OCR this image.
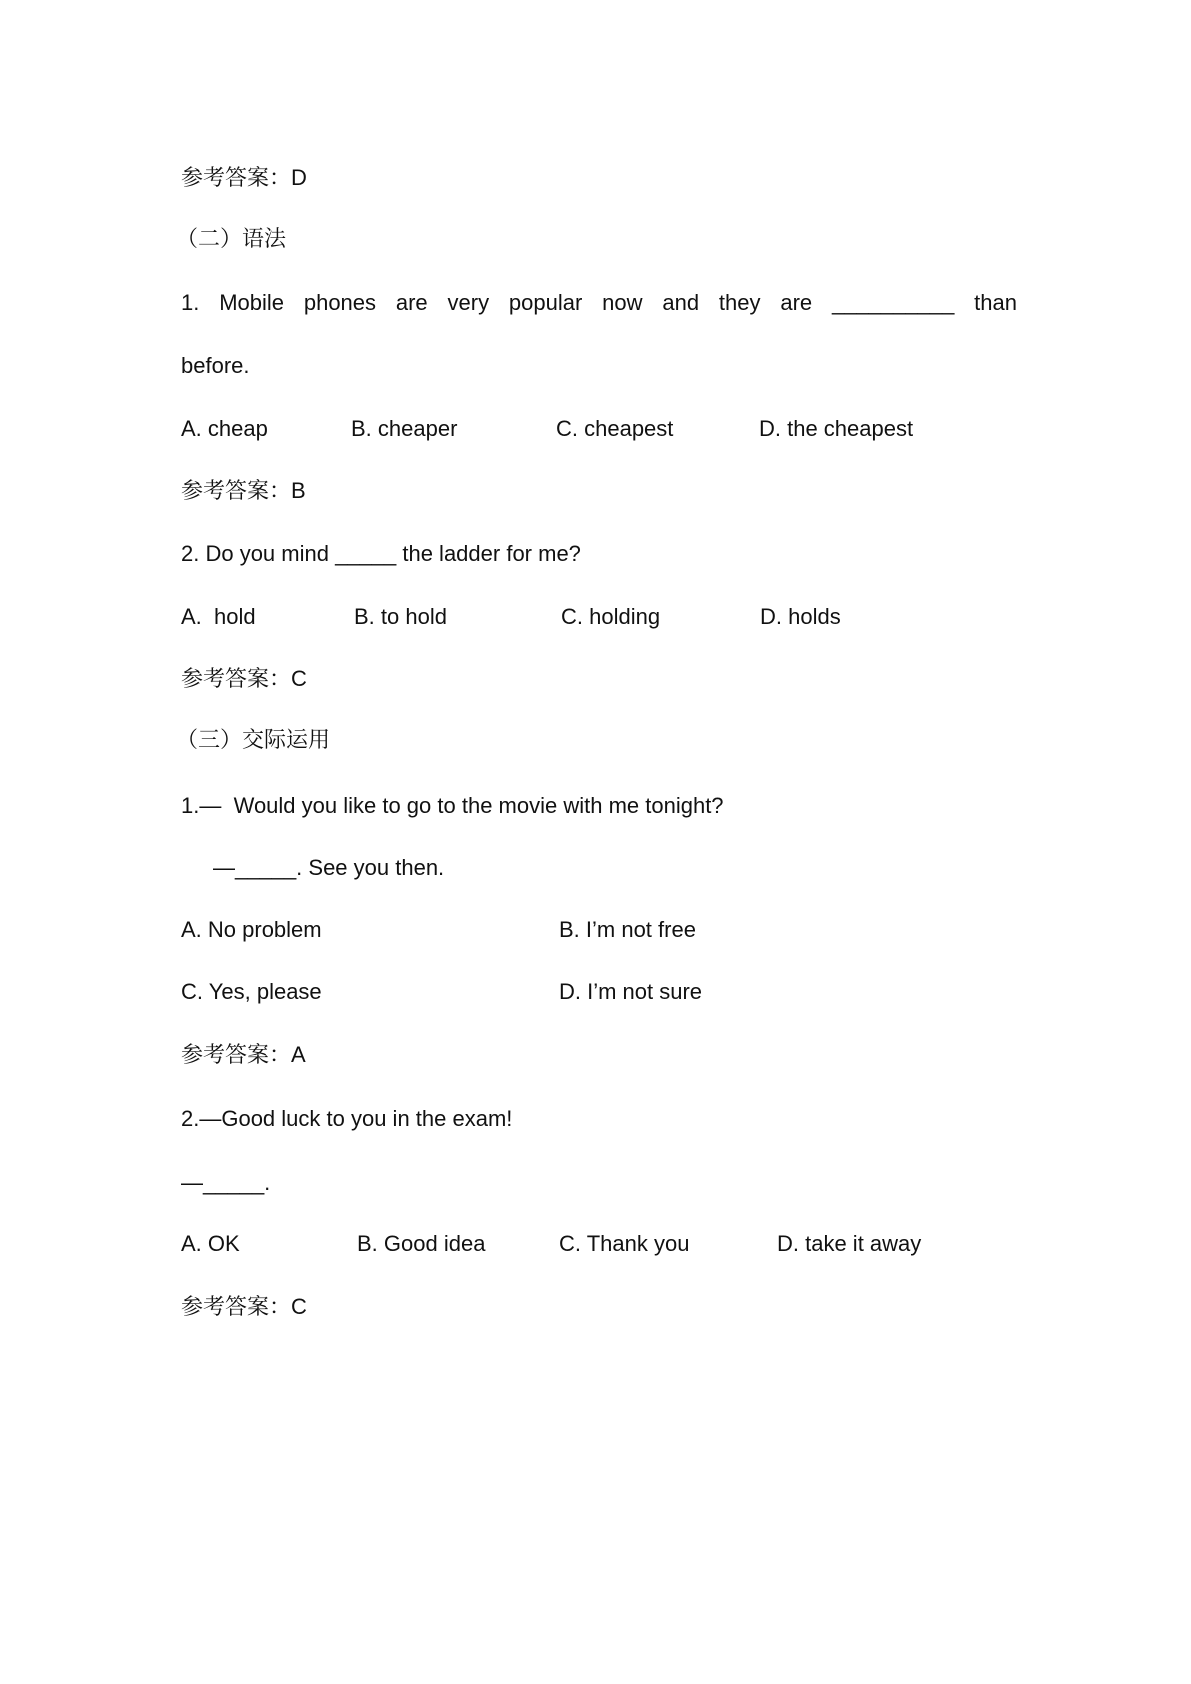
参考答案：D
（二）语法
1. Mobile phones are very popular now and they are __________ than
before.
A. cheap	B. cheaper	C. cheapest	D. the cheapest
参考答案：B
2. Do you mind _____ the ladder for me?
A.  hold	B. to hold	C. holding	D. holds
参考答案：C
（三）交际运用
1.—  Would you like to go to the movie with me tonight?
—_____. See you then.
A. No problem	B. I’m not free
C. Yes, please	D. I’m not sure
参考答案：A
2.—Good luck to you in the exam!
—_____.
A. OK	B. Good idea	C. Thank you	D. take it away
参考答案：C
